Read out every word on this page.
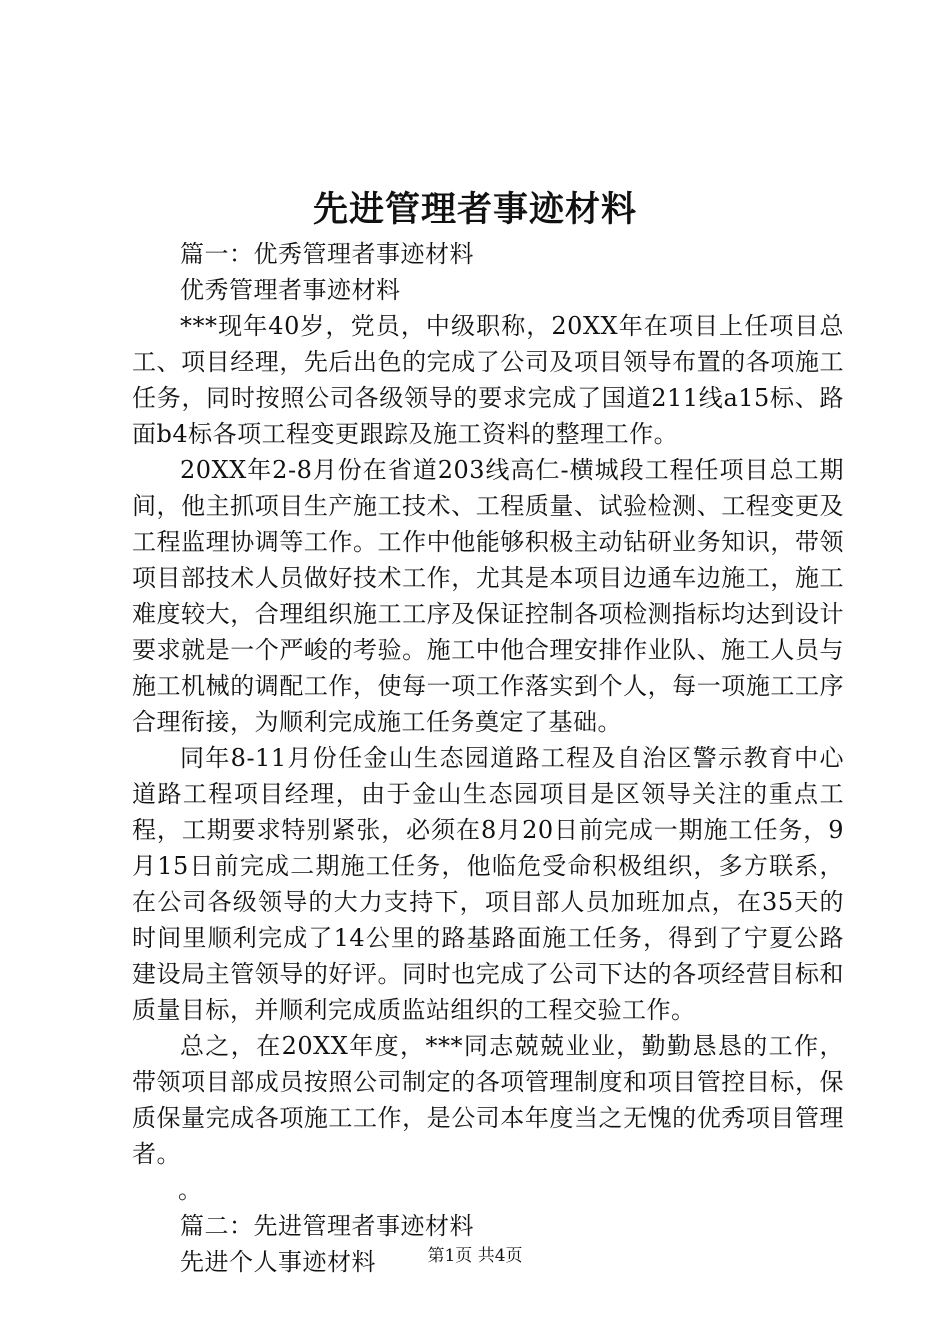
先进管理者事迹材料
篇一：优秀管理者事迹材料
优秀管理者事迹材料

***现年40岁，党员，中级职称，20XX年在项目上任项目总工、项目经理，先后出色的完成了公司及项目领导布置的各项施工任务，同时按照公司各级领导的要求完成了国道211线a15标、路面b4标各项工程变更跟踪及施工资料的整理工作。

20XX年2-8月份在省道203线高仁-横城段工程任项目总工期间，他主抓项目生产施工技术、工程质量、试验检测、工程变更及工程监理协调等工作。工作中他能够积极主动钻研业务知识，带领项目部技术人员做好技术工作，尤其是本项目边通车边施工，施工难度较大，合理组织施工工序及保证控制各项检测指标均达到设计要求就是一个严峻的考验。施工中他合理安排作业队、施工人员与施工机械的调配工作，使每一项工作落实到个人，每一项施工工序合理衔接，为顺利完成施工任务奠定了基础。

同年8-11月份任金山生态园道路工程及自治区警示教育中心道路工程项目经理，由于金山生态园项目是区领导关注的重点工程，工期要求特别紧张，必须在8月20日前完成一期施工任务，9月15日前完成二期施工任务，他临危受命积极组织，多方联系，在公司各级领导的大力支持下，项目部人员加班加点，在35天的时间里顺利完成了14公里的路基路面施工任务，得到了宁夏公路建设局主管领导的好评。同时也完成了公司下达的各项经营目标和质量目标，并顺利完成质监站组织的工程交验工作。

总之，在20XX年度，***同志兢兢业业，勤勤恳恳的工作，带领项目部成员按照公司制定的各项管理制度和项目管控目标，保质保量完成各项施工工作，是公司本年度当之无愧的优秀项目管理者。

。
篇二：先进管理者事迹材料
先进个人事迹材料	第1页 共4页
